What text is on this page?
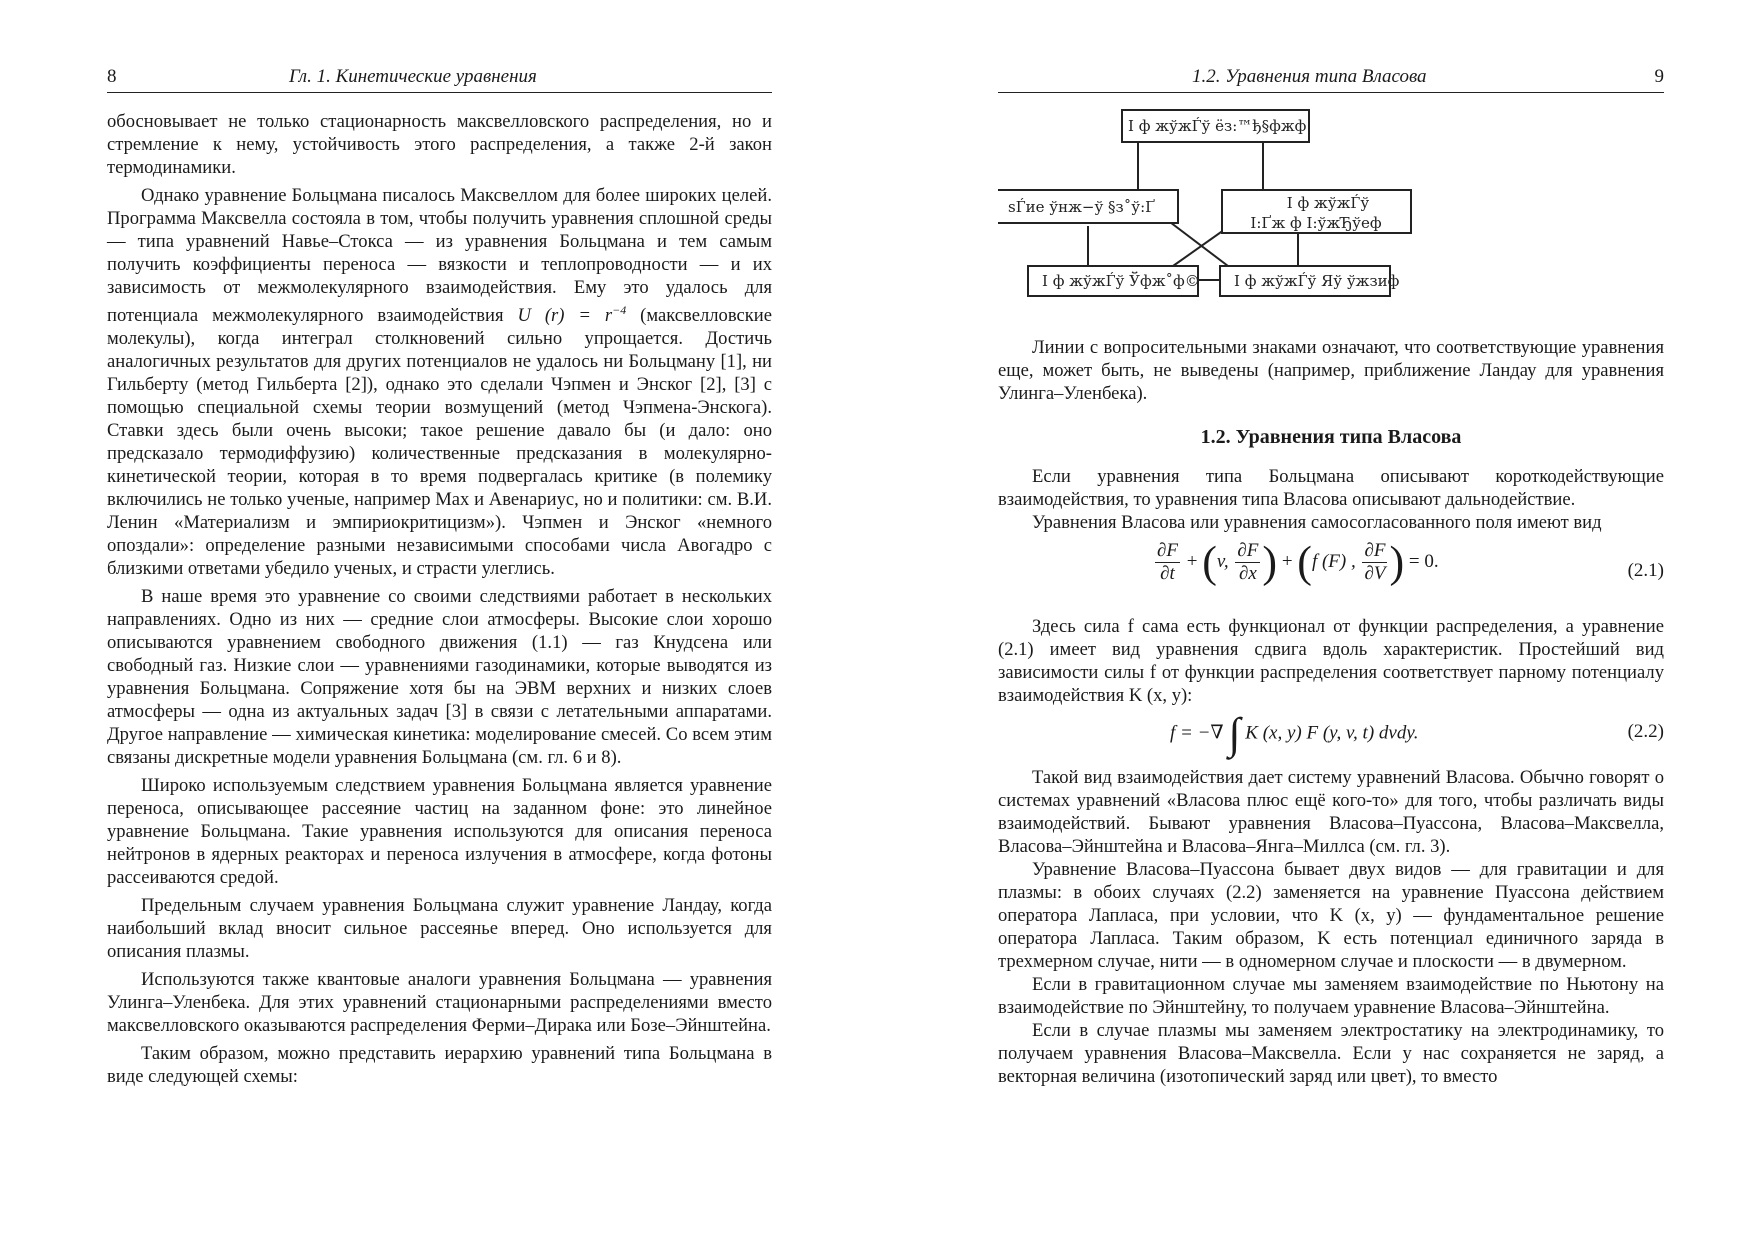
8	Гл. 1. Кинетические уравнения

обосновывает не только стационарность максвелловского распределения, но и стремление к нему, устойчивость этого распределения, а также 2-й закон термодинамики.

Однако уравнение Больцмана писалось Максвеллом для более широких целей. Программа Максвелла состояла в том, чтобы получить уравнения сплошной среды — типа уравнений Навье–Стокса — из уравнения Больцмана и тем самым получить коэффициенты переноса — вязкости и теплопроводности — и их зависимость от межмолекулярного взаимодействия. Ему это удалось для потенциала межмолекулярного взаимодействия U $(r) = r^{-4}$ (максвелловские молекулы), когда интеграл столкновений сильно упрощается. Достичь аналогичных результатов для других потенциалов не удалось ни Больцману [1], ни Гильберту (метод Гильберта [2]), однако это сделали Чэпмен и Энског [2], [3] с помощью специальной схемы теории возмущений (метод Чэпмена-Энскога). Ставки здесь были очень высоки; такое решение давало бы (и дало: оно предсказало термодиффузию) количественные предсказания в молекулярно-кинетической теории, которая в то время подвергалась критике (в полемику включились не только ученые, например Мах и Авенариус, но и политики: см. В.И. Ленин «Материализм и эмпириокритицизм»). Чэпмен и Энског «немного опоздали»: определение разными независимыми способами числа Авогадро с близкими ответами убедило ученых, и страсти улеглись.

В наше время это уравнение со своими следствиями работает в нескольких направлениях. Одно из них — средние слои атмосферы. Высокие слои хорошо описываются уравнением свободного движения (1.1) — газ Кнудсена или свободный газ. Низкие слои — уравнениями газодинамики, которые выводятся из уравнения Больцмана. Сопряжение хотя бы на ЭВМ верхних и низких слоев атмосферы — одна из актуальных задач [3] в связи с летательными аппаратами. Другое направление — химическая кинетика: моделирование смесей. Со всем этим связаны дискретные модели уравнения Больцмана (см. гл. 6 и 8).

Широко используемым следствием уравнения Больцмана является уравнение переноса, описывающее рассеяние частиц на заданном фоне: это линейное уравнение Больцмана. Такие уравнения используются для описания переноса нейтронов в ядерных реакторах и переноса излучения в атмосфере, когда фотоны рассеиваются средой.

Предельным случаем уравнения Больцмана служит уравнение Ландау, когда наибольший вклад вносит сильное рассеянье вперед. Оно используется для описания плазмы.

Используются также квантовые аналоги уравнения Больцмана — уравнения Улинга–Уленбека. Для этих уравнений стационарными распределениями вместо максвелловского оказываются распределения Ферми–Дирака или Бозе–Эйнштейна.

Таким образом, можно представить иерархию уравнений типа Больцмана в виде следующей схемы:

1.2. Уравнения типа Власова	9
I ф жўжЃў ёз:™ђ§фжф
sЃие ўнж−ў §з˚ў:Ґ	I ф жўжЃў
I:Ґж ф I:ўжЂўеф
I ф жўжЃў Ўфж˚ф© I ф жўжЃў Яў ўжзиф

Линии с вопросительными знаками означают, что соответствующие уравнения еще, может быть, не выведены (например, приближение Ландау для уравнения Улинга–Уленбека).

1.2. Уравнения типа Власова

Если уравнения типа Больцмана описывают короткодействующие взаимодействия, то уравнения типа Власова описывают дальнодействие.

Уравнения Власова или уравнения самосогласованного поля имеют вид

$\frac{\partial F}{\partial t} + (v$, $\frac{\partial F}{\partial x}$ ) + (f (F) , $\frac{\partial F}{\partial V}$ ) = 0.	(2.1)

Здесь сила f сама есть функционал от функции распределения, а уравнение (2.1) имеет вид уравнения сдвига вдоль характеристик. Простейший вид зависимости силы f от функции распределения соответствует парному потенциалу взаимодействия K (x, y):

f = −∇ ∫ K (x, y) F (y, v, t) dvdy.	(2.2)

Такой вид взаимодействия дает систему уравнений Власова. Обычно говорят о системах уравнений «Власова плюс ещё кого-то» для того, чтобы различать виды взаимодействий. Бывают уравнения Власова–Пуассона, Власова–Максвелла, Власова–Эйнштейна и Власова–Янга–Миллса (см. гл. 3).

Уравнение Власова–Пуассона бывает двух видов — для гравитации и для плазмы: в обоих случаях (2.2) заменяется на уравнение Пуассона действием оператора Лапласа, при условии, что K (x, y) — фундаментальное решение оператора Лапласа. Таким образом, K есть потенциал единичного заряда в трехмерном случае, нити — в одномерном случае и плоскости — в двумерном.

Если в гравитационном случае мы заменяем взаимодействие по Ньютону на взаимодействие по Эйнштейну, то получаем уравнение Власова–Эйнштейна.

Если в случае плазмы мы заменяем электростатику на электродинамику, то получаем уравнения Власова–Максвелла. Если у нас сохраняется не заряд, а векторная величина (изотопический заряд или цвет), то вместо
